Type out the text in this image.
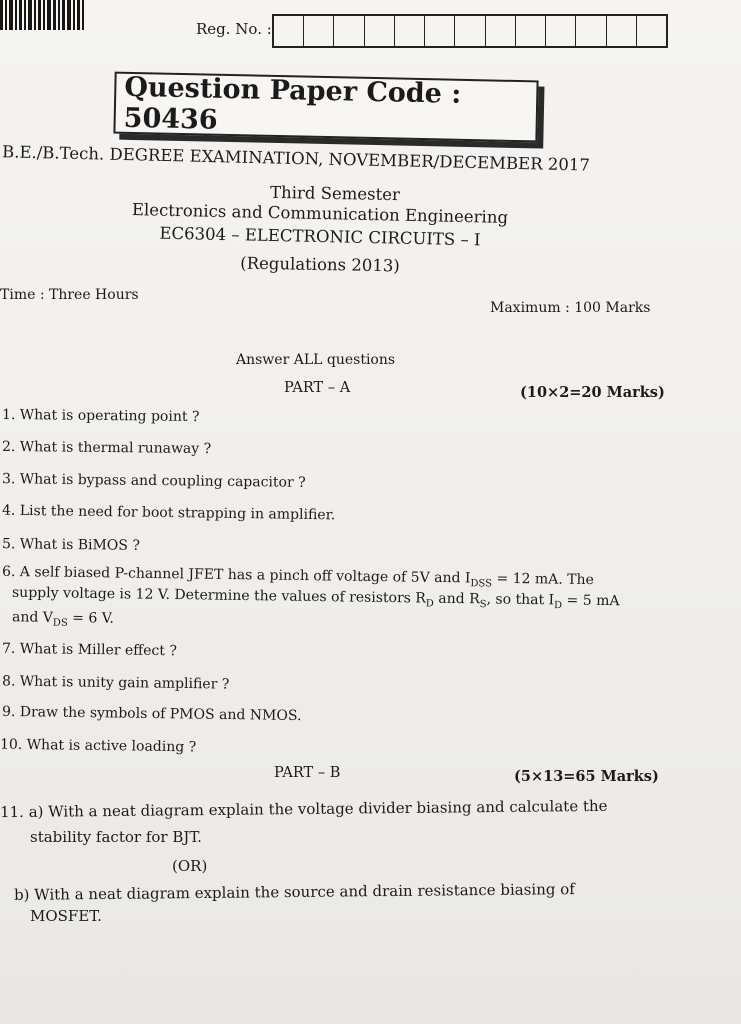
Reg. No. :
Question Paper Code : 50436
B.E./B.Tech. DEGREE EXAMINATION, NOVEMBER/DECEMBER 2017
Third Semester
Electronics and Communication Engineering
EC6304 – ELECTRONIC CIRCUITS – I
(Regulations 2013)
Time : Three Hours
Maximum : 100 Marks
Answer ALL questions
PART – A	(10×2=20 Marks)
1. What is operating point ?
2. What is thermal runaway ?
3. What is bypass and coupling capacitor ?
4. List the need for boot strapping in amplifier.
5. What is BiMOS ?
6. A self biased P-channel JFET has a pinch off voltage of 5V and $I_{DSS} = 12$ mA. The
supply voltage is 12 V. Determine the values of resistors $R_D$ and $R_S$, so that $I_D = 5$ mA
and $V_{DS} = 6$ V.
7. What is Miller effect ?
8. What is unity gain amplifier ?
9. Draw the symbols of PMOS and NMOS.
10. What is active loading ?
PART – B	(5×13=65 Marks)
11. a) With a neat diagram explain the voltage divider biasing and calculate the
stability factor for BJT.
(OR)
b) With a neat diagram explain the source and drain resistance biasing of
MOSFET.
